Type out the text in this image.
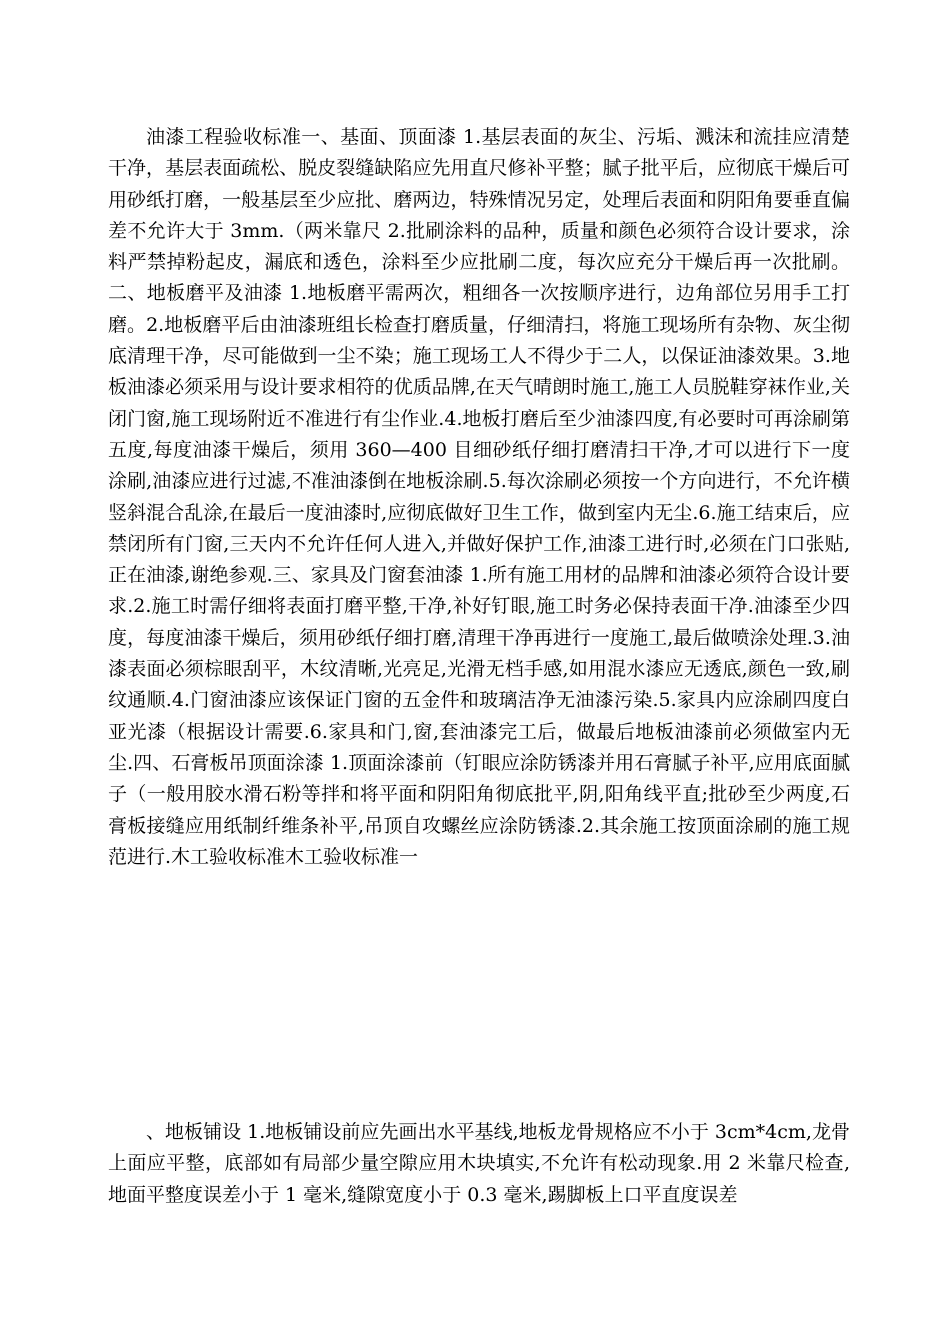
油漆工程验收标准一、基面、顶面漆 1.基层表面的灰尘、污垢、溅沫和流挂应清楚干净，基层表面疏松、脱皮裂缝缺陷应先用直尺修补平整；腻子批平后，应彻底干燥后可用砂纸打磨，一般基层至少应批、磨两边，特殊情况另定，处理后表面和阴阳角要垂直偏差不允许大于 3mm.（两米靠尺 2.批刷涂料的品种，质量和颜色必须符合设计要求，涂料严禁掉粉起皮，漏底和透色，涂料至少应批刷二度，每次应充分干燥后再一次批刷。二、地板磨平及油漆 1.地板磨平需两次，粗细各一次按顺序进行，边角部位另用手工打磨。2.地板磨平后由油漆班组长检查打磨质量，仔细清扫，将施工现场所有杂物、灰尘彻底清理干净，尽可能做到一尘不染；施工现场工人不得少于二人，以保证油漆效果。3.地板油漆必须采用与设计要求相符的优质品牌,在天气晴朗时施工,施工人员脱鞋穿袜作业,关闭门窗,施工现场附近不准进行有尘作业.4.地板打磨后至少油漆四度,有必要时可再涂刷第五度,每度油漆干燥后，须用 360—400 目细砂纸仔细打磨清扫干净,才可以进行下一度涂刷,油漆应进行过滤,不准油漆倒在地板涂刷.5.每次涂刷必须按一个方向进行，不允许横竖斜混合乱涂,在最后一度油漆时,应彻底做好卫生工作，做到室内无尘.6.施工结束后，应禁闭所有门窗,三天内不允许任何人进入,并做好保护工作,油漆工进行时,必须在门口张贴,正在油漆,谢绝参观.三、家具及门窗套油漆 1.所有施工用材的品牌和油漆必须符合设计要求.2.施工时需仔细将表面打磨平整,干净,补好钉眼,施工时务必保持表面干净.油漆至少四度，每度油漆干燥后，须用砂纸仔细打磨,清理干净再进行一度施工,最后做喷涂处理.3.油漆表面必须棕眼刮平，木纹清晰,光亮足,光滑无档手感,如用混水漆应无透底,颜色一致,刷纹通顺.4.门窗油漆应该保证门窗的五金件和玻璃洁净无油漆污染.5.家具内应涂刷四度白亚光漆（根据设计需要.6.家具和门,窗,套油漆完工后，做最后地板油漆前必须做室内无尘.四、石膏板吊顶面涂漆 1.顶面涂漆前（钉眼应涂防锈漆并用石膏腻子补平,应用底面腻子（一般用胶水滑石粉等拌和将平面和阴阳角彻底批平,阴,阳角线平直;批砂至少两度,石膏板接缝应用纸制纤维条补平,吊顶自攻螺丝应涂防锈漆.2.其余施工按顶面涂刷的施工规范进行.木工验收标准木工验收标准一

、地板铺设 1.地板铺设前应先画出水平基线,地板龙骨规格应不小于 3cm*4cm,龙骨上面应平整，底部如有局部少量空隙应用木块填实,不允许有松动现象.用 2 米靠尺检查,地面平整度误差小于 1 毫米,缝隙宽度小于 0.3 毫米,踢脚板上口平直度误差
